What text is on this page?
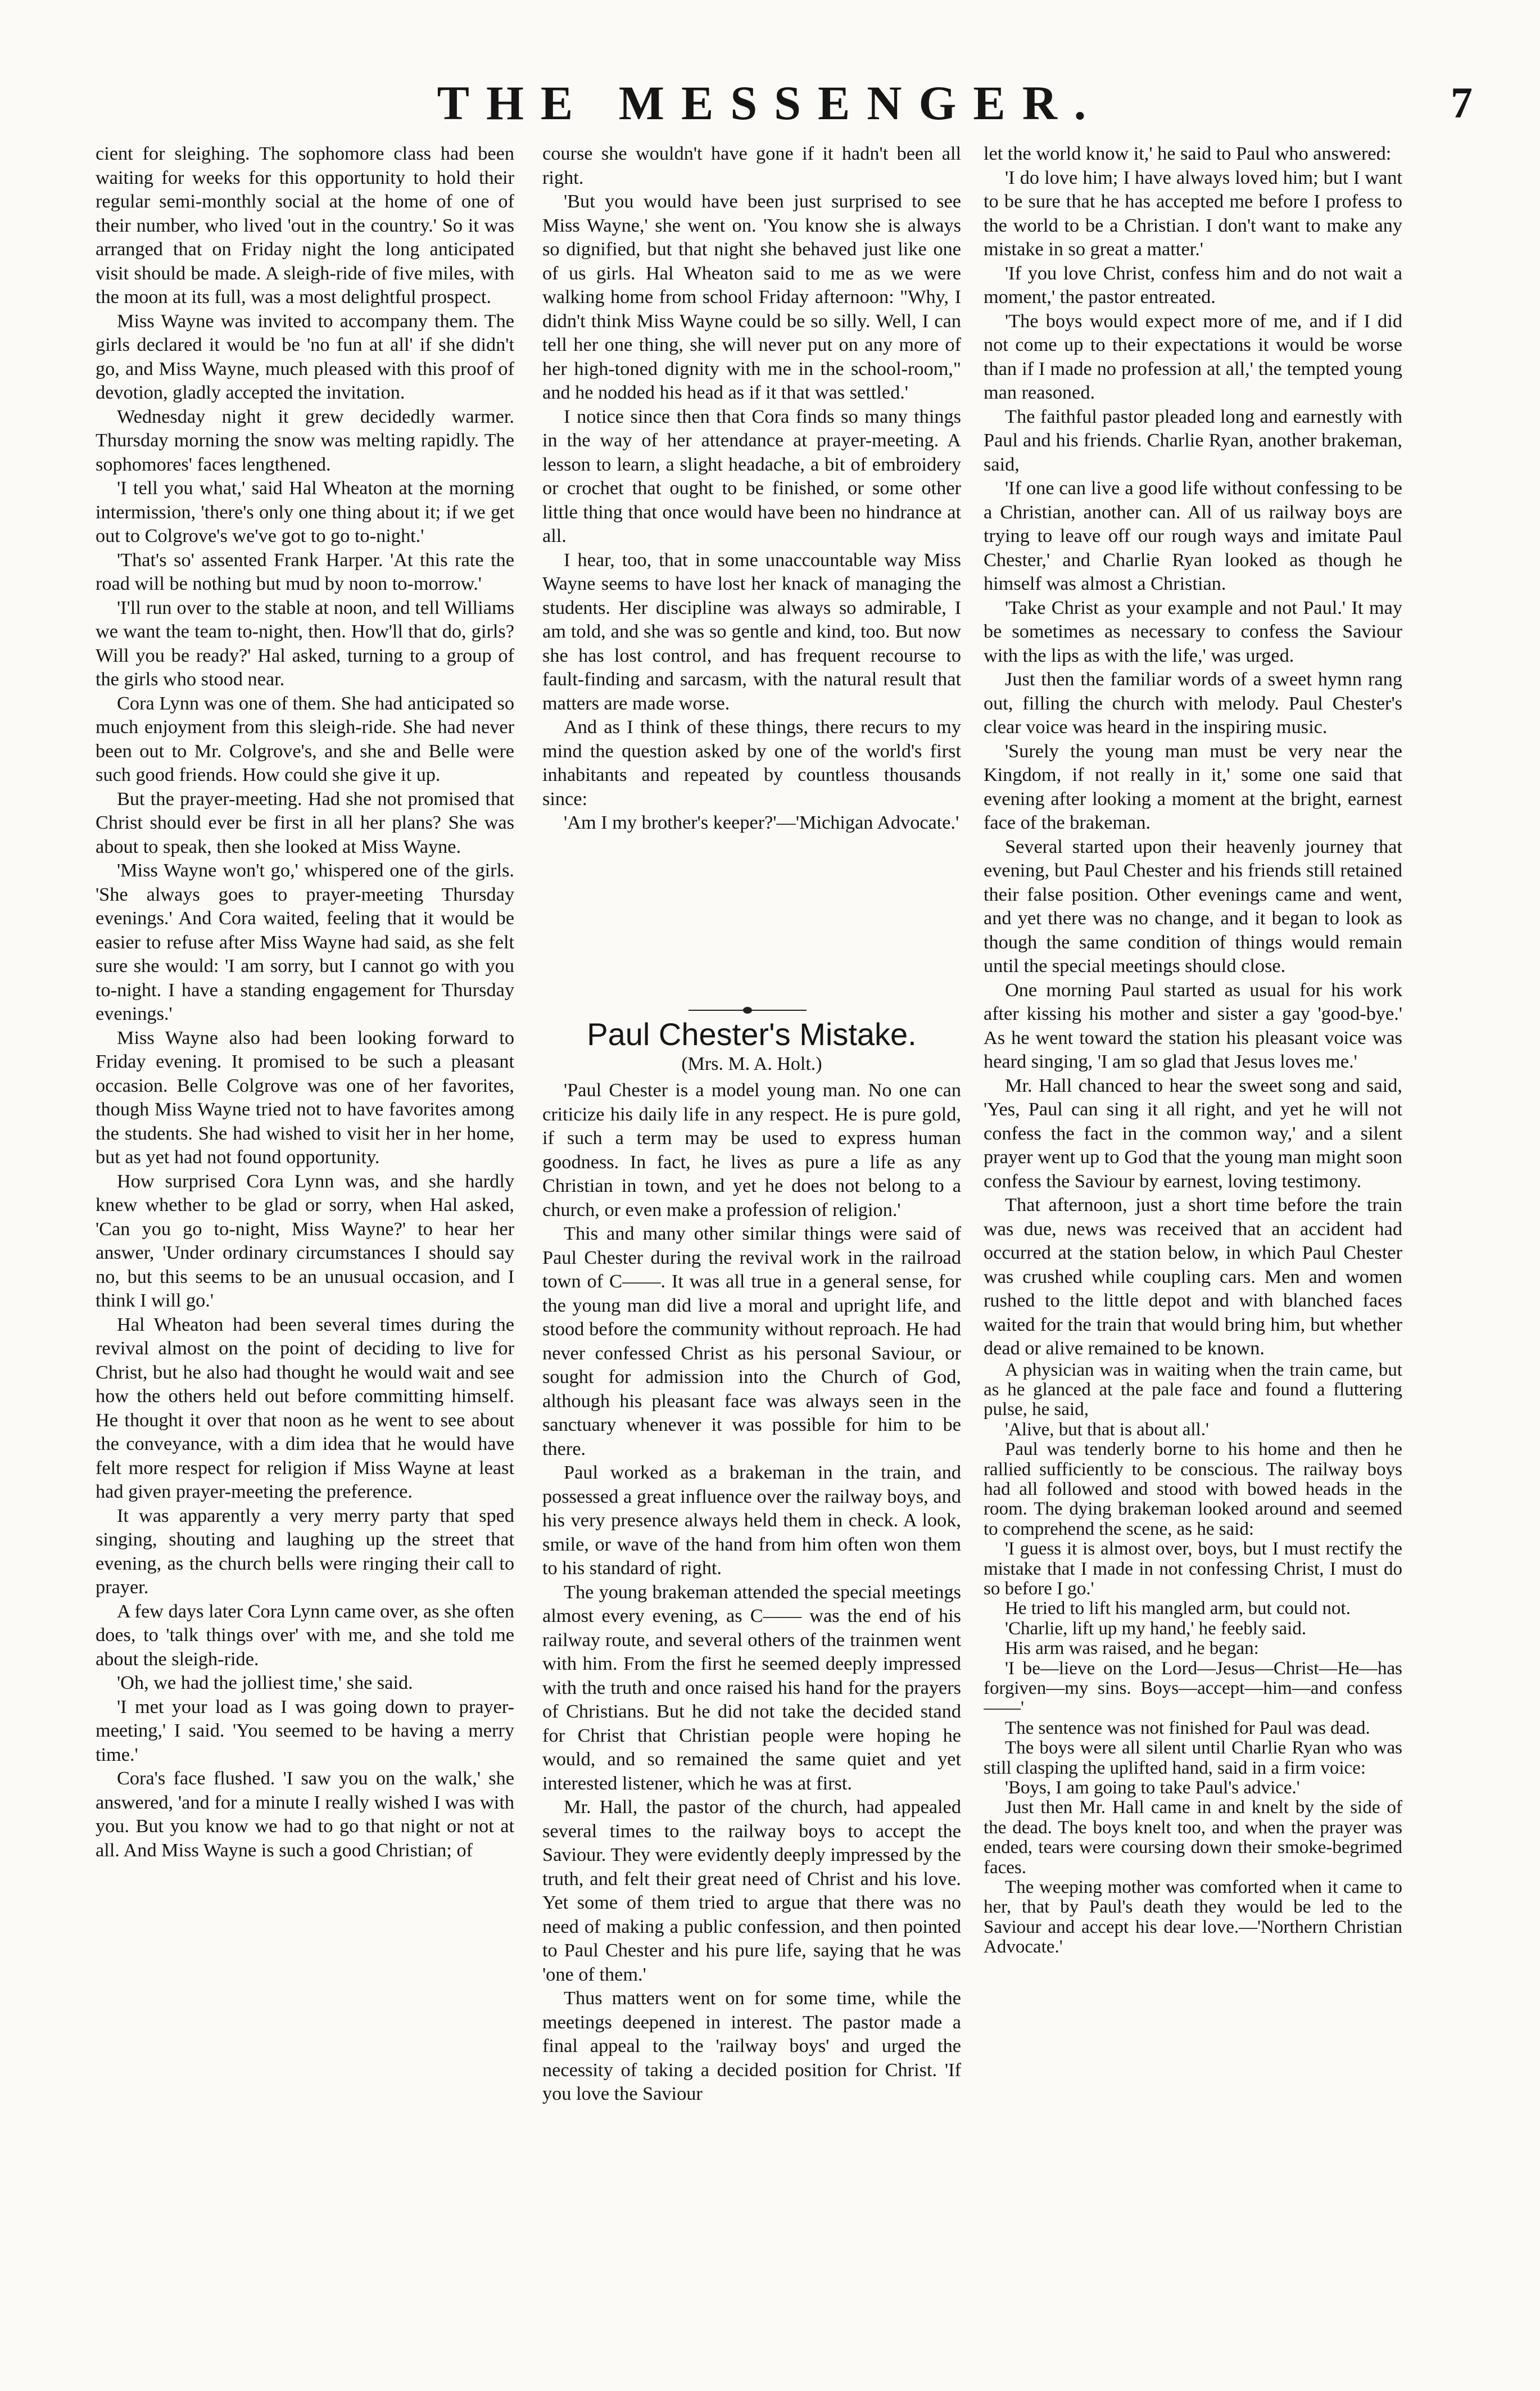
THE MESSENGER.	7

cient for sleighing. The sophomore class had been waiting for weeks for this opportunity to hold their regular semi-monthly social at the home of one of their number, who lived 'out in the country.' So it was arranged that on Friday night the long anticipated visit should be made. A sleigh-ride of five miles, with the moon at its full, was a most delightful prospect.

Miss Wayne was invited to accompany them. The girls declared it would be 'no fun at all' if she didn't go, and Miss Wayne, much pleased with this proof of devotion, gladly accepted the invitation.

Wednesday night it grew decidedly warmer. Thursday morning the snow was melting rapidly. The sophomores' faces lengthened.

'I tell you what,' said Hal Wheaton at the morning intermission, 'there's only one thing about it; if we get out to Colgrove's we've got to go to-night.'

'That's so' assented Frank Harper. 'At this rate the road will be nothing but mud by noon to-morrow.'

'I'll run over to the stable at noon, and tell Williams we want the team to-night, then. How'll that do, girls? Will you be ready?' Hal asked, turning to a group of the girls who stood near.

Cora Lynn was one of them. She had anticipated so much enjoyment from this sleigh-ride. She had never been out to Mr. Colgrove's, and she and Belle were such good friends. How could she give it up.

But the prayer-meeting. Had she not promised that Christ should ever be first in all her plans? She was about to speak, then she looked at Miss Wayne.

'Miss Wayne won't go,' whispered one of the girls. 'She always goes to prayer-meeting Thursday evenings.' And Cora waited, feeling that it would be easier to refuse after Miss Wayne had said, as she felt sure she would: 'I am sorry, but I cannot go with you to-night. I have a standing engagement for Thursday evenings.'

Miss Wayne also had been looking forward to Friday evening. It promised to be such a pleasant occasion. Belle Colgrove was one of her favorites, though Miss Wayne tried not to have favorites among the students. She had wished to visit her in her home, but as yet had not found opportunity.

How surprised Cora Lynn was, and she hardly knew whether to be glad or sorry, when Hal asked, 'Can you go to-night, Miss Wayne?' to hear her answer, 'Under ordinary circumstances I should say no, but this seems to be an unusual occasion, and I think I will go.'

Hal Wheaton had been several times during the revival almost on the point of deciding to live for Christ, but he also had thought he would wait and see how the others held out before committing himself. He thought it over that noon as he went to see about the conveyance, with a dim idea that he would have felt more respect for religion if Miss Wayne at least had given prayer-meeting the preference.

It was apparently a very merry party that sped singing, shouting and laughing up the street that evening, as the church bells were ringing their call to prayer.

A few days later Cora Lynn came over, as she often does, to 'talk things over' with me, and she told me about the sleigh-ride.

'Oh, we had the jolliest time,' she said.

'I met your load as I was going down to prayer-meeting,' I said. 'You seemed to be having a merry time.'

Cora's face flushed. 'I saw you on the walk,' she answered, 'and for a minute I really wished I was with you. But you know we had to go that night or not at all. And Miss Wayne is such a good Christian; of

course she wouldn't have gone if it hadn't been all right.

'But you would have been just surprised to see Miss Wayne,' she went on. 'You know she is always so dignified, but that night she behaved just like one of us girls. Hal Wheaton said to me as we were walking home from school Friday afternoon: "Why, I didn't think Miss Wayne could be so silly. Well, I can tell her one thing, she will never put on any more of her high-toned dignity with me in the school-room," and he nodded his head as if it that was settled.'

I notice since then that Cora finds so many things in the way of her attendance at prayer-meeting. A lesson to learn, a slight headache, a bit of embroidery or crochet that ought to be finished, or some other little thing that once would have been no hindrance at all.

I hear, too, that in some unaccountable way Miss Wayne seems to have lost her knack of managing the students. Her discipline was always so admirable, I am told, and she was so gentle and kind, too. But now she has lost control, and has frequent recourse to fault-finding and sarcasm, with the natural result that matters are made worse.

And as I think of these things, there recurs to my mind the question asked by one of the world's first inhabitants and repeated by countless thousands since:

'Am I my brother's keeper?'—'Michigan Advocate.'

Paul Chester's Mistake.
(Mrs. M. A. Holt.)

'Paul Chester is a model young man. No one can criticize his daily life in any respect. He is pure gold, if such a term may be used to express human goodness. In fact, he lives as pure a life as any Christian in town, and yet he does not belong to a church, or even make a profession of religion.'

This and many other similar things were said of Paul Chester during the revival work in the railroad town of C——. It was all true in a general sense, for the young man did live a moral and upright life, and stood before the community without reproach. He had never confessed Christ as his personal Saviour, or sought for admission into the Church of God, although his pleasant face was always seen in the sanctuary whenever it was possible for him to be there.

Paul worked as a brakeman in the train, and possessed a great influence over the railway boys, and his very presence always held them in check. A look, smile, or wave of the hand from him often won them to his standard of right.

The young brakeman attended the special meetings almost every evening, as C—— was the end of his railway route, and several others of the trainmen went with him. From the first he seemed deeply impressed with the truth and once raised his hand for the prayers of Christians. But he did not take the decided stand for Christ that Christian people were hoping he would, and so remained the same quiet and yet interested listener, which he was at first.

Mr. Hall, the pastor of the church, had appealed several times to the railway boys to accept the Saviour. They were evidently deeply impressed by the truth, and felt their great need of Christ and his love. Yet some of them tried to argue that there was no need of making a public confession, and then pointed to Paul Chester and his pure life, saying that he was 'one of them.'

Thus matters went on for some time, while the meetings deepened in interest. The pastor made a final appeal to the 'railway boys' and urged the necessity of taking a decided position for Christ. 'If you love the Saviour

let the world know it,' he said to Paul who answered:

'I do love him; I have always loved him; but I want to be sure that he has accepted me before I profess to the world to be a Christian. I don't want to make any mistake in so great a matter.'

'If you love Christ, confess him and do not wait a moment,' the pastor entreated.

'The boys would expect more of me, and if I did not come up to their expectations it would be worse than if I made no profession at all,' the tempted young man reasoned.

The faithful pastor pleaded long and earnestly with Paul and his friends. Charlie Ryan, another brakeman, said,

'If one can live a good life without confessing to be a Christian, another can. All of us railway boys are trying to leave off our rough ways and imitate Paul Chester,' and Charlie Ryan looked as though he himself was almost a Christian.

'Take Christ as your example and not Paul.' It may be sometimes as necessary to confess the Saviour with the lips as with the life,' was urged.

Just then the familiar words of a sweet hymn rang out, filling the church with melody. Paul Chester's clear voice was heard in the inspiring music.

'Surely the young man must be very near the Kingdom, if not really in it,' some one said that evening after looking a moment at the bright, earnest face of the brakeman.

Several started upon their heavenly journey that evening, but Paul Chester and his friends still retained their false position. Other evenings came and went, and yet there was no change, and it began to look as though the same condition of things would remain until the special meetings should close.

One morning Paul started as usual for his work after kissing his mother and sister a gay 'good-bye.' As he went toward the station his pleasant voice was heard singing, 'I am so glad that Jesus loves me.'

Mr. Hall chanced to hear the sweet song and said, 'Yes, Paul can sing it all right, and yet he will not confess the fact in the common way,' and a silent prayer went up to God that the young man might soon confess the Saviour by earnest, loving testimony.

That afternoon, just a short time before the train was due, news was received that an accident had occurred at the station below, in which Paul Chester was crushed while coupling cars. Men and women rushed to the little depot and with blanched faces waited for the train that would bring him, but whether dead or alive remained to be known.

A physician was in waiting when the train came, but as he glanced at the pale face and found a fluttering pulse, he said,

'Alive, but that is about all.'

Paul was tenderly borne to his home and then he rallied sufficiently to be conscious. The railway boys had all followed and stood with bowed heads in the room. The dying brakeman looked around and seemed to comprehend the scene, as he said:

'I guess it is almost over, boys, but I must rectify the mistake that I made in not confessing Christ, I must do so before I go.'

He tried to lift his mangled arm, but could not.

'Charlie, lift up my hand,' he feebly said.

His arm was raised, and he began:

'I be—lieve on the Lord—Jesus—Christ—He—has forgiven—my sins. Boys—accept—him—and confess——'

The sentence was not finished for Paul was dead.

The boys were all silent until Charlie Ryan who was still clasping the uplifted hand, said in a firm voice:

'Boys, I am going to take Paul's advice.'

Just then Mr. Hall came in and knelt by the side of the dead. The boys knelt too, and when the prayer was ended, tears were coursing down their smoke-begrimed faces.

The weeping mother was comforted when it came to her, that by Paul's death they would be led to the Saviour and accept his dear love.—'Northern Christian Advocate.'
